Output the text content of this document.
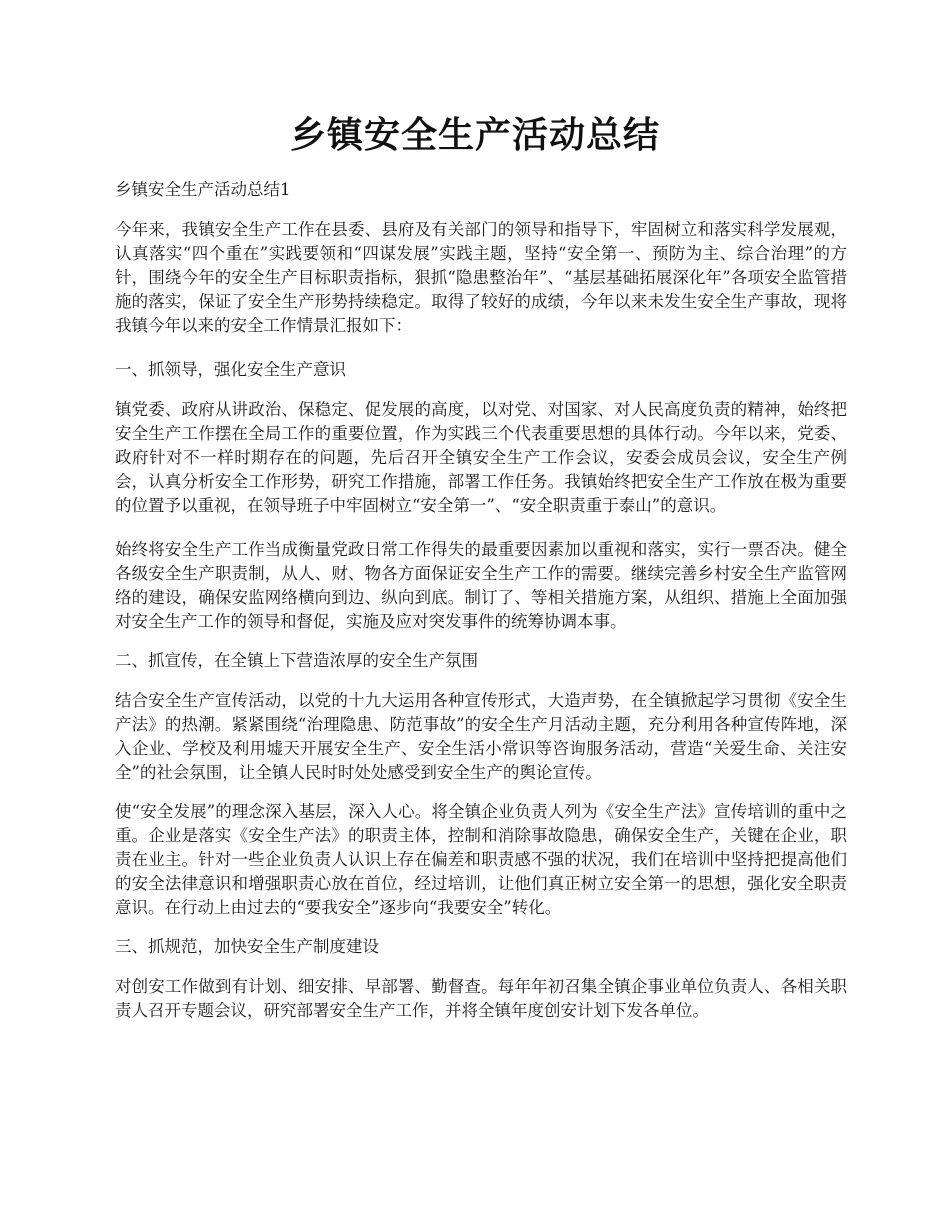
乡镇安全生产活动总结

乡镇安全生产活动总结1

今年来，我镇安全生产工作在县委、县府及有关部门的领导和指导下，牢固树立和落实科学发展观，认真落实“四个重在”实践要领和“四谋发展”实践主题，坚持“安全第一、预防为主、综合治理”的方针，围绕今年的安全生产目标职责指标，狠抓“隐患整治年”、“基层基础拓展深化年”各项安全监管措施的落实，保证了安全生产形势持续稳定。取得了较好的成绩，今年以来未发生安全生产事故，现将我镇今年以来的安全工作情景汇报如下：

一、抓领导，强化安全生产意识

镇党委、政府从讲政治、保稳定、促发展的高度，以对党、对国家、对人民高度负责的精神，始终把安全生产工作摆在全局工作的重要位置，作为实践三个代表重要思想的具体行动。今年以来，党委、政府针对不一样时期存在的问题，先后召开全镇安全生产工作会议，安委会成员会议，安全生产例会，认真分析安全工作形势，研究工作措施，部署工作任务。我镇始终把安全生产工作放在极为重要的位置予以重视，在领导班子中牢固树立“安全第一”、“安全职责重于泰山”的意识。

始终将安全生产工作当成衡量党政日常工作得失的最重要因素加以重视和落实，实行一票否决。健全各级安全生产职责制，从人、财、物各方面保证安全生产工作的需要。继续完善乡村安全生产监管网络的建设，确保安监网络横向到边、纵向到底。制订了、等相关措施方案，从组织、措施上全面加强对安全生产工作的领导和督促，实施及应对突发事件的统筹协调本事。

二、抓宣传，在全镇上下营造浓厚的安全生产氛围

结合安全生产宣传活动，以党的十九大运用各种宣传形式，大造声势，在全镇掀起学习贯彻《安全生产法》的热潮。紧紧围绕“治理隐患、防范事故”的安全生产月活动主题，充分利用各种宣传阵地，深入企业、学校及利用墟天开展安全生产、安全生活小常识等咨询服务活动，营造“关爱生命、关注安全”的社会氛围，让全镇人民时时处处感受到安全生产的舆论宣传。

使“安全发展”的理念深入基层，深入人心。将全镇企业负责人列为《安全生产法》宣传培训的重中之重。企业是落实《安全生产法》的职责主体，控制和消除事故隐患，确保安全生产，关键在企业，职责在业主。针对一些企业负责人认识上存在偏差和职责感不强的状况，我们在培训中坚持把提高他们的安全法律意识和增强职责心放在首位，经过培训，让他们真正树立安全第一的思想，强化安全职责意识。在行动上由过去的“要我安全”逐步向“我要安全”转化。

三、抓规范，加快安全生产制度建设

对创安工作做到有计划、细安排、早部署、勤督查。每年年初召集全镇企事业单位负责人、各相关职责人召开专题会议，研究部署安全生产工作，并将全镇年度创安计划下发各单位。
